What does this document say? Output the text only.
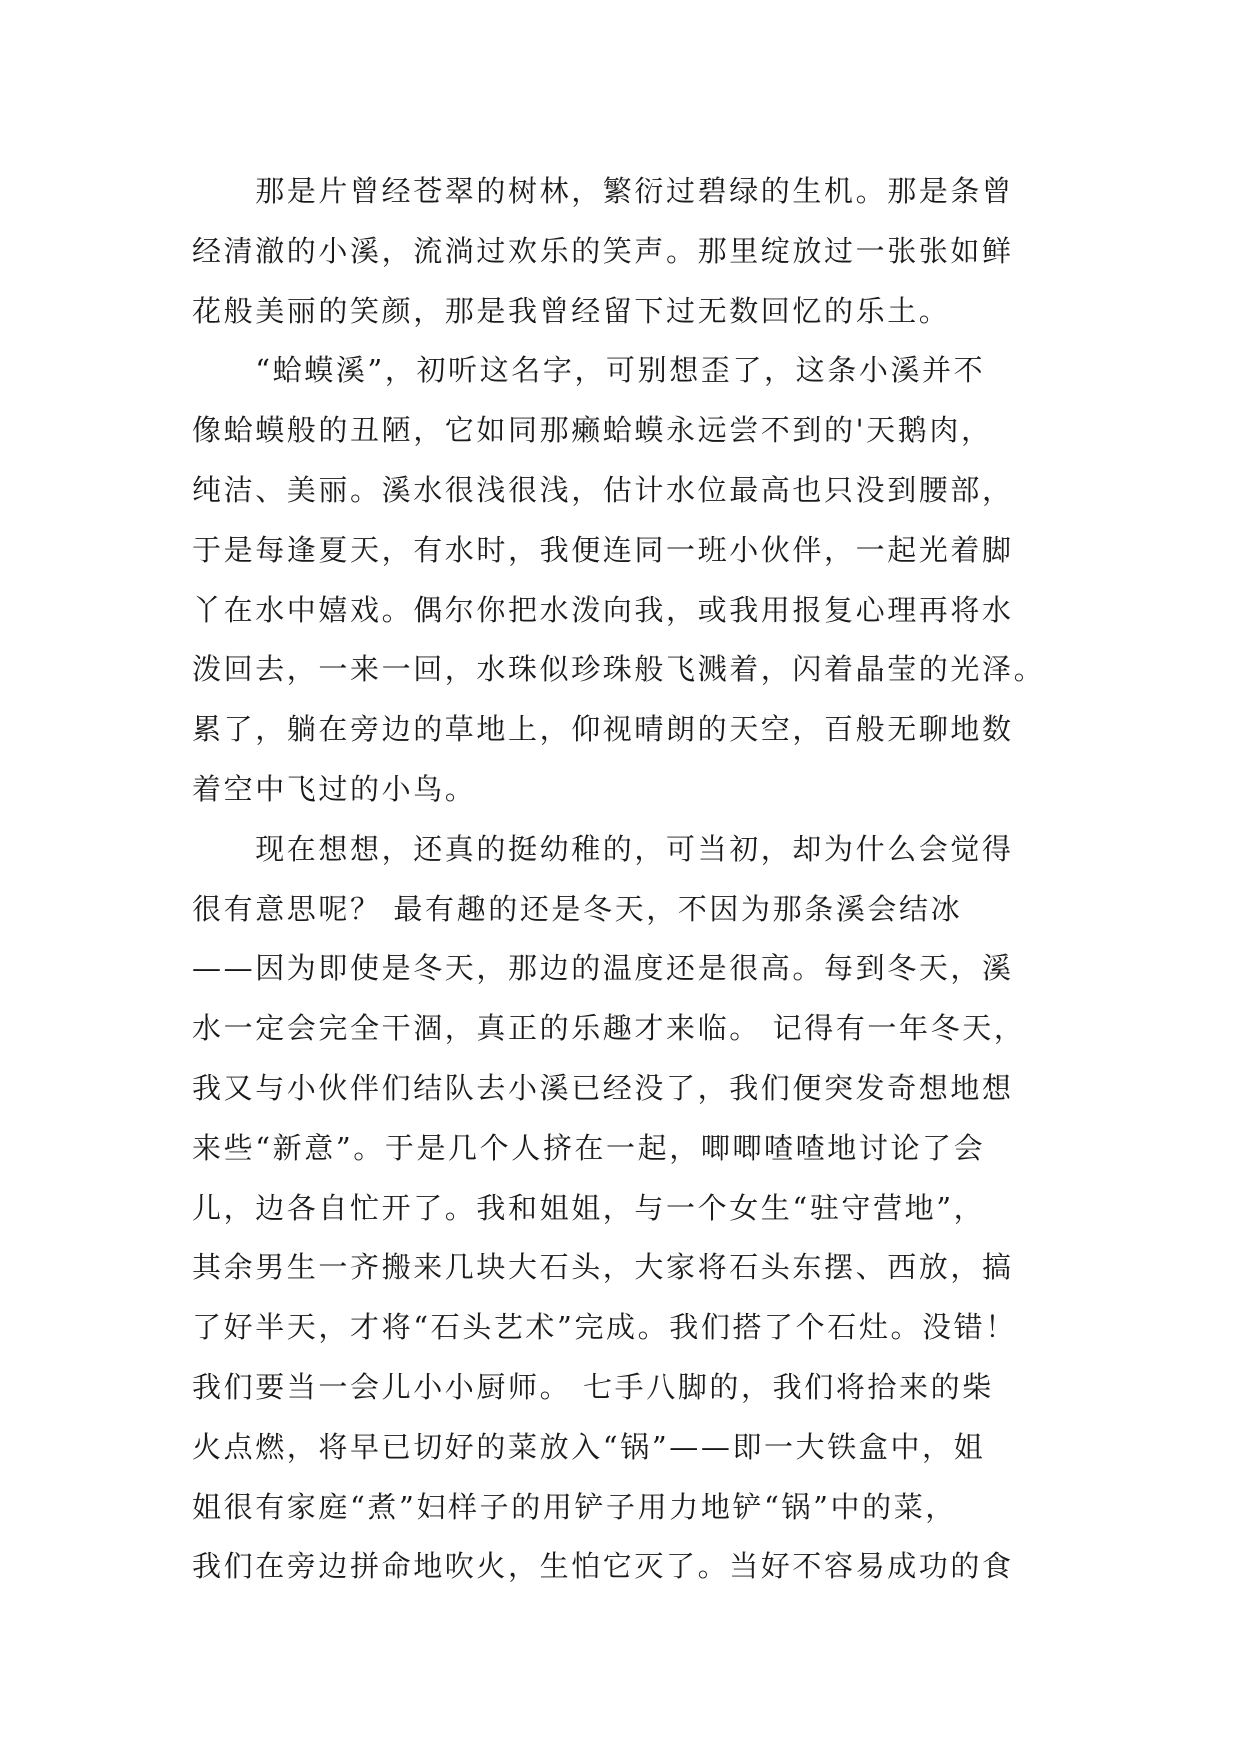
　　那是片曾经苍翠的树林，繁衍过碧绿的生机。那是条曾
经清澈的小溪，流淌过欢乐的笑声。那里绽放过一张张如鲜
花般美丽的笑颜，那是我曾经留下过无数回忆的乐土。
　　“蛤蟆溪”，初听这名字，可别想歪了，这条小溪并不
像蛤蟆般的丑陋，它如同那癞蛤蟆永远尝不到的'天鹅肉，
纯洁、美丽。溪水很浅很浅，估计水位最高也只没到腰部，
于是每逢夏天，有水时，我便连同一班小伙伴，一起光着脚
丫在水中嬉戏。偶尔你把水泼向我，或我用报复心理再将水
泼回去，一来一回，水珠似珍珠般飞溅着，闪着晶莹的光泽。
累了，躺在旁边的草地上，仰视晴朗的天空，百般无聊地数
着空中飞过的小鸟。
　　现在想想，还真的挺幼稚的，可当初，却为什么会觉得
很有意思呢？ 最有趣的还是冬天，不因为那条溪会结冰
——因为即使是冬天，那边的温度还是很高。每到冬天，溪
水一定会完全干涸，真正的乐趣才来临。 记得有一年冬天，
我又与小伙伴们结队去小溪已经没了，我们便突发奇想地想
来些“新意”。于是几个人挤在一起，唧唧喳喳地讨论了会
儿，边各自忙开了。我和姐姐，与一个女生“驻守营地”，
其余男生一齐搬来几块大石头，大家将石头东摆、西放，搞
了好半天，才将“石头艺术”完成。我们搭了个石灶。没错！
我们要当一会儿小小厨师。 七手八脚的，我们将拾来的柴
火点燃，将早已切好的菜放入“锅”——即一大铁盒中，姐
姐很有家庭“煮”妇样子的用铲子用力地铲“锅”中的菜，
我们在旁边拼命地吹火，生怕它灭了。当好不容易成功的食
